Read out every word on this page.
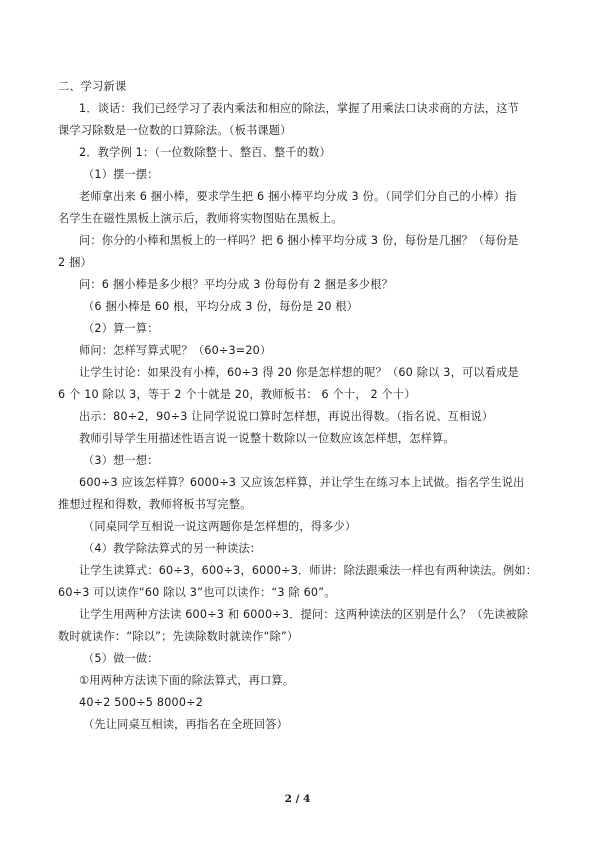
二、学习新课
1．谈话：我们已经学习了表内乘法和相应的除法，掌握了用乘法口诀求商的方法，这节
课学习除数是一位数的口算除法。（板书课题）
2．教学例 1：（一位数除整十、整百、整千的数）
（1）摆一摆：
老师拿出来 6 捆小棒，要求学生把 6 捆小棒平均分成 3 份。（同学们分自己的小棒）指
名学生在磁性黑板上演示后，教师将实物图贴在黑板上。
问：你分的小棒和黑板上的一样吗？把 6 捆小棒平均分成 3 份，每份是几捆？（每份是
2 捆）
问：6 捆小棒是多少根？平均分成 3 份每份有 2 捆是多少根？
（6 捆小棒是 60 根，平均分成 3 份，每份是 20 根）
（2）算一算：
师问：怎样写算式呢？（60÷3=20）
让学生讨论：如果没有小棒，60÷3 得 20 你是怎样想的呢？（60 除以 3，可以看成是
6 个 10 除以 3，等于 2 个十就是 20，教师板书： 6 个十， 2 个十）
出示：80÷2，90÷3 让同学说说口算时怎样想，再说出得数。（指名说、互相说）
教师引导学生用描述性语言说一说整十数除以一位数应该怎样想，怎样算。
（3）想一想：
600÷3 应该怎样算？6000÷3 又应该怎样算，并让学生在练习本上试做。指名学生说出
推想过程和得数，教师将板书写完整。
（同桌同学互相说一说这两题你是怎样想的，得多少）
（4）教学除法算式的另一种读法：
让学生读算式：60÷3，600÷3，6000÷3．师讲：除法跟乘法一样也有两种读法。例如：
60÷3 可以读作“60 除以 3”也可以读作：“3 除 60”。
让学生用两种方法读 600÷3 和 6000÷3．提问：这两种读法的区别是什么？（先读被除
数时就读作：“除以”；先读除数时就读作“除”）
（5）做一做：
①用两种方法读下面的除法算式，再口算。
40÷2 500÷5 8000÷2
（先让同桌互相读，再指名在全班回答）
2 / 4
